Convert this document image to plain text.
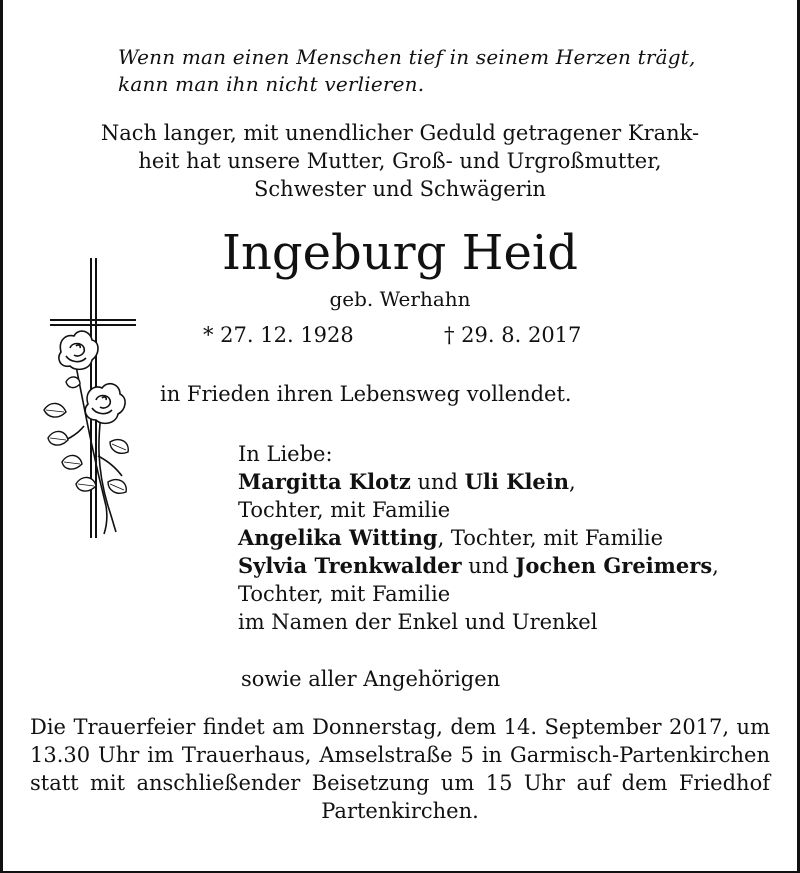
Wenn man einen Menschen tief in seinem Herzen trägt,
kann man ihn nicht verlieren.
Nach langer, mit unendlicher Geduld getragener Krank-
heit hat unsere Mutter, Groß- und Urgroßmutter,
Schwester und Schwägerin
Ingeburg Heid
geb. Werhahn
* 27. 12. 1928	† 29. 8. 2017
in Frieden ihren Lebensweg vollendet.
In Liebe:
Margitta Klotz und Uli Klein,
Tochter, mit Familie
Angelika Witting, Tochter, mit Familie
Sylvia Trenkwalder und Jochen Greimers,
Tochter, mit Familie
im Namen der Enkel und Urenkel
sowie aller Angehörigen
Die Trauerfeier findet am Donnerstag, dem 14. September 2017, um 13.30 Uhr im Trauerhaus, Amselstraße 5 in Garmisch-Partenkirchen statt mit anschließender Beisetzung um 15 Uhr auf dem Friedhof Partenkirchen.
